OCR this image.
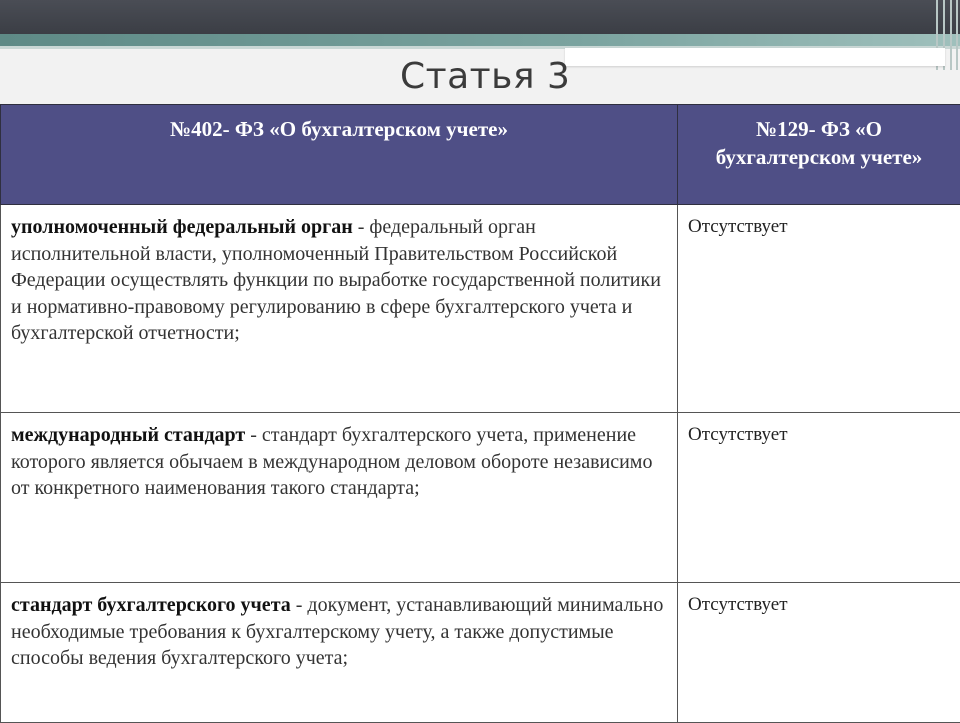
Статья 3
№402- ФЗ «О бухгалтерском учете»	№129- ФЗ «О бухгалтерском учете»
уполномоченный федеральный орган - федеральный орган исполнительной власти, уполномоченный Правительством Российской Федерации осуществлять функции по выработке государственной политики и нормативно-правовому регулированию в сфере бухгалтерского учета и бухгалтерской отчетности;	Отсутствует
международный стандарт - стандарт бухгалтерского учета, применение которого является обычаем в международном деловом обороте независимо от конкретного наименования такого стандарта;	Отсутствует
стандарт бухгалтерского учета - документ, устанавливающий минимально необходимые требования к бухгалтерскому учету, а также допустимые способы ведения бухгалтерского учета;	Отсутствует
